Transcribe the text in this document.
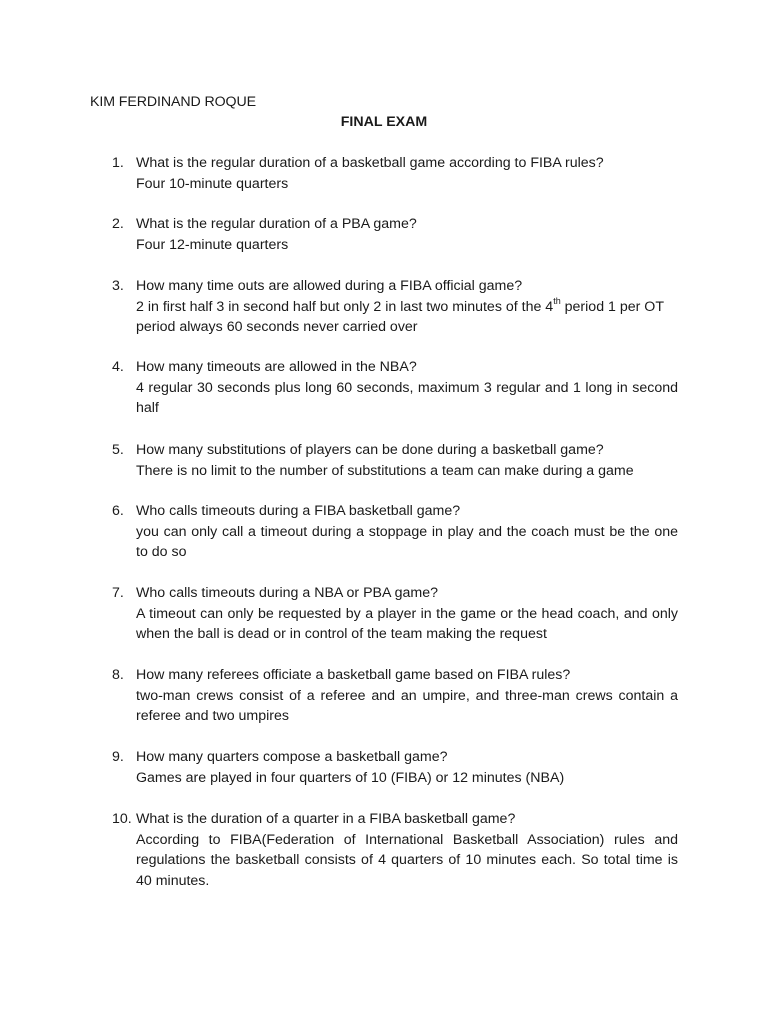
KIM FERDINAND ROQUE
FINAL EXAM
1. What is the regular duration of a basketball game according to FIBA rules?
Four 10-minute quarters
2. What is the regular duration of a PBA game?
Four 12-minute quarters
3. How many time outs are allowed during a FIBA official game?
2 in first half 3 in second half but only 2 in last two minutes of the 4th period 1 per OT period always 60 seconds never carried over
4. How many timeouts are allowed in the NBA?
4 regular 30 seconds plus long 60 seconds, maximum 3 regular and 1 long in second half
5. How many substitutions of players can be done during a basketball game?
There is no limit to the number of substitutions a team can make during a game
6. Who calls timeouts during a FIBA basketball game?
you can only call a timeout during a stoppage in play and the coach must be the one to do so
7. Who calls timeouts during a NBA or PBA game?
A timeout can only be requested by a player in the game or the head coach, and only when the ball is dead or in control of the team making the request
8. How many referees officiate a basketball game based on FIBA rules?
two-man crews consist of a referee and an umpire, and three-man crews contain a referee and two umpires
9. How many quarters compose a basketball game?
Games are played in four quarters of 10 (FIBA) or 12 minutes (NBA)
10. What is the duration of a quarter in a FIBA basketball game?
According to FIBA(Federation of International Basketball Association) rules and regulations the basketball consists of 4 quarters of 10 minutes each. So total time is 40 minutes.
